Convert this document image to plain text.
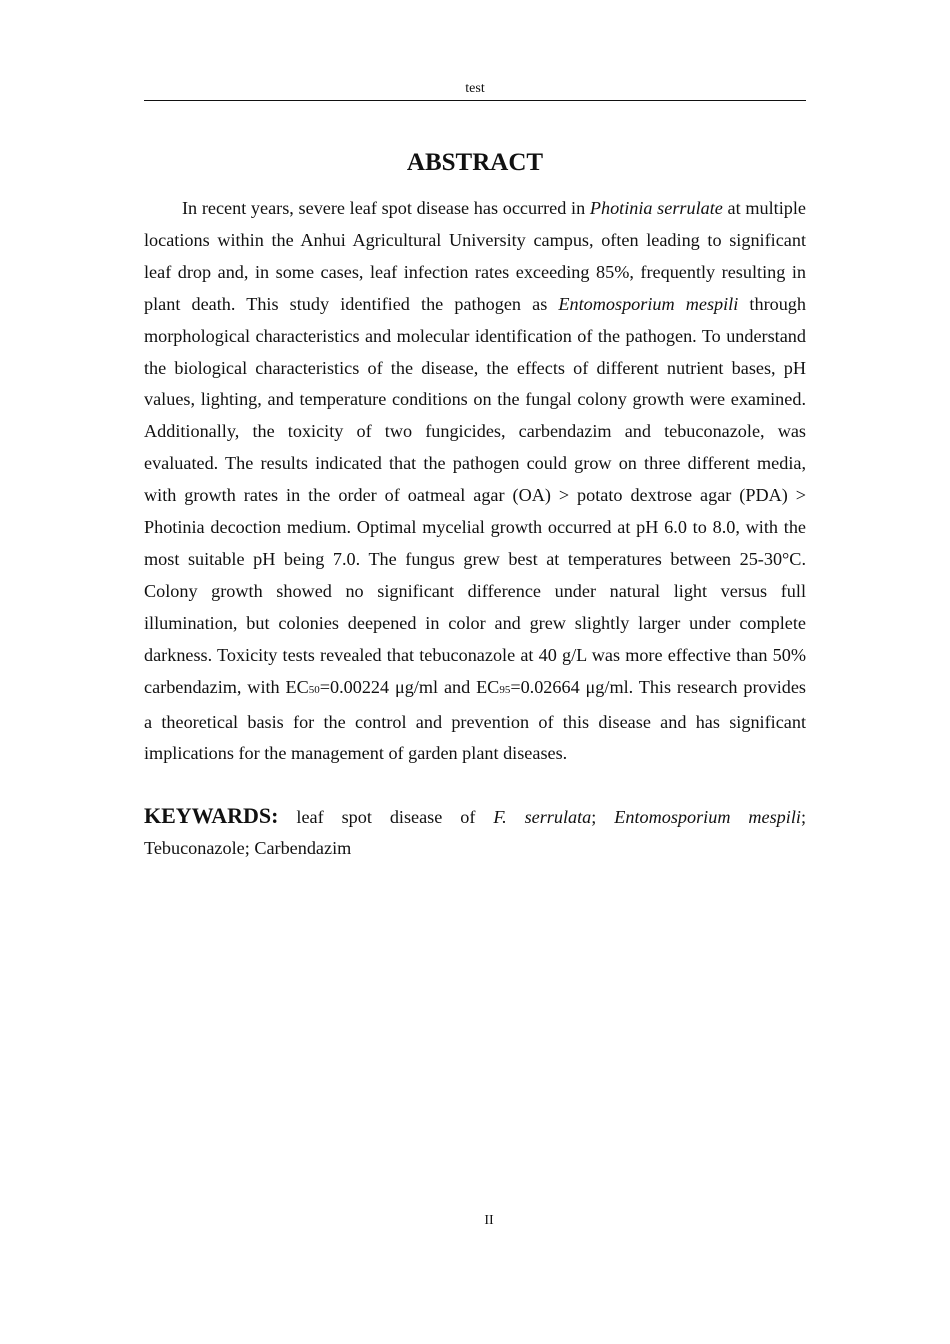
test
ABSTRACT

In recent years, severe leaf spot disease has occurred in Photinia serrulate at multiple locations within the Anhui Agricultural University campus, often leading to significant leaf drop and, in some cases, leaf infection rates exceeding 85%, frequently resulting in plant death. This study identified the pathogen as Entomosporium mespili through morphological characteristics and molecular identification of the pathogen. To understand the biological characteristics of the disease, the effects of different nutrient bases, pH values, lighting, and temperature conditions on the fungal colony growth were examined. Additionally, the toxicity of two fungicides, carbendazim and tebuconazole, was evaluated. The results indicated that the pathogen could grow on three different media, with growth rates in the order of oatmeal agar (OA) > potato dextrose agar (PDA) > Photinia decoction medium. Optimal mycelial growth occurred at pH 6.0 to 8.0, with the most suitable pH being 7.0. The fungus grew best at temperatures between 25-30°C. Colony growth showed no significant difference under natural light versus full illumination, but colonies deepened in color and grew slightly larger under complete darkness. Toxicity tests revealed that tebuconazole at 40 g/L was more effective than 50% carbendazim, with EC50=0.00224 μg/ml and EC95=0.02664 μg/ml. This research provides a theoretical basis for the control and prevention of this disease and has significant implications for the management of garden plant diseases.

KEYWARDS: leaf spot disease of F. serrulata; Entomosporium mespili; Tebuconazole; Carbendazim

II
